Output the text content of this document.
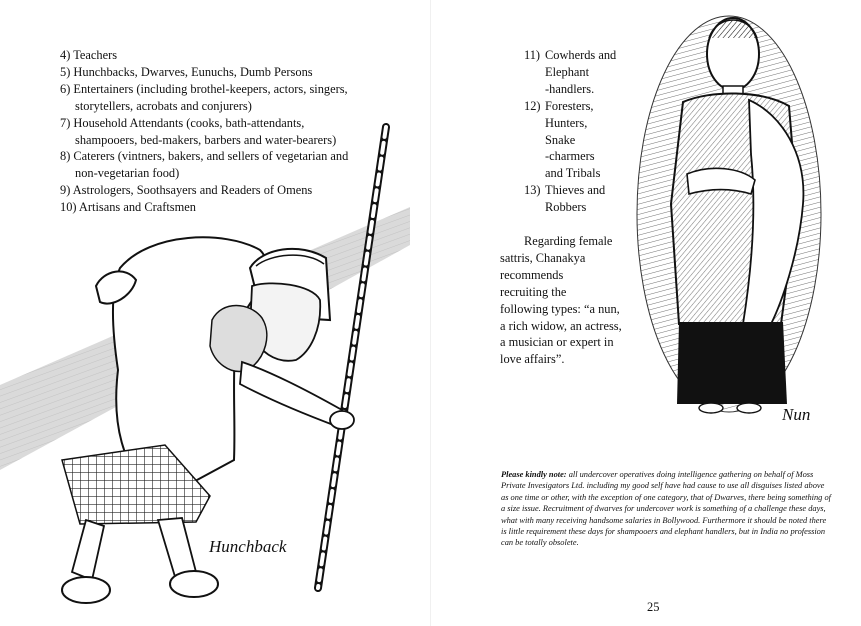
4) Teachers
5) Hunchbacks, Dwarves, Eunuchs, Dumb Persons
6) Entertainers (including brothel-keepers, actors, singers,
storytellers, acrobats and conjurers)
7) Household Attendants (cooks, bath-attendants,
shampooers, bed-makers, barbers and water-bearers)
8) Caterers (vintners, bakers, and sellers of vegetarian and
non-vegetarian food)
9) Astrologers, Soothsayers and Readers of Omens
10) Artisans and Craftsmen
Hunchback
11) Cowherds and
Elephant
-handlers.
12) Foresters,
Hunters,
Snake
-charmers
and Tribals
13) Thieves and
Robbers
Regarding female
sattris, Chanakya
recommends
recruiting the
following types: “a nun,
a rich widow, an actress,
a musician or expert in
love affairs”.
Nun
Please kindly note: all undercover operatives doing intelligence gathering on behalf of Moss Private Invesigators Ltd. including my good self have had cause to use all disguises listed above as one time or other, with the exception of one category, that of Dwarves, there being something of a size issue. Recruitment of dwarves for undercover work is something of a challenge these days, what with many receiving handsome salaries in Bollywood. Furthermore it should be noted there is little requirement these days for shampooers and elephant handlers, but in India no profession can be totally obsolete.
25
